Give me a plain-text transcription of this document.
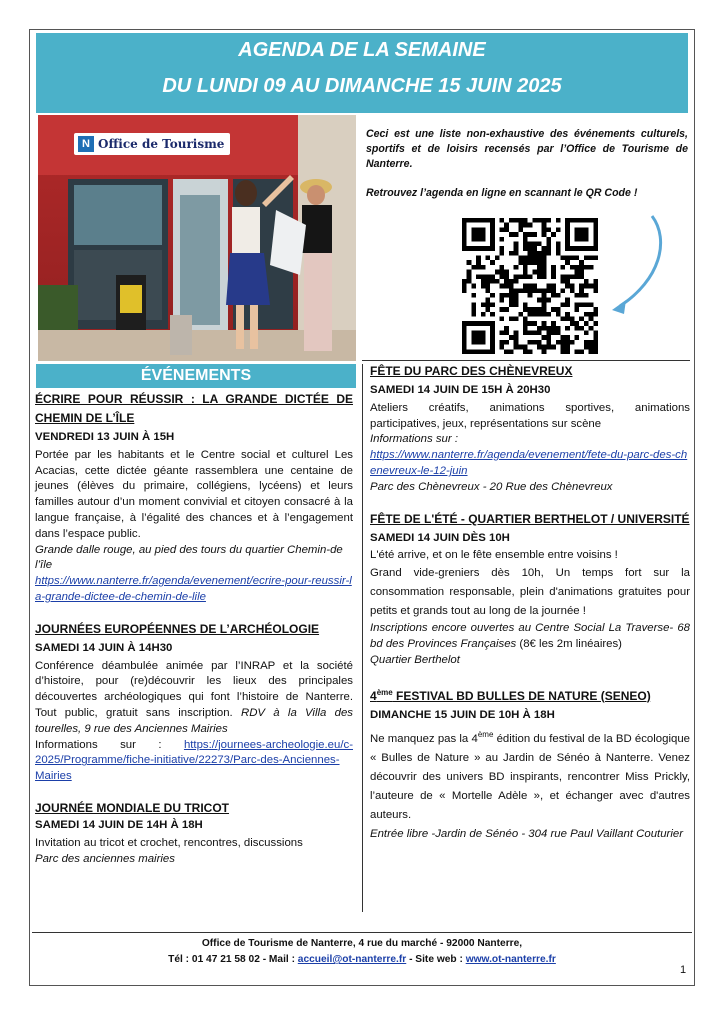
AGENDA DE LA SEMAINE
DU LUNDI 09 AU DIMANCHE 15 JUIN 2025
N Office de Tourisme

Ceci est une liste non-exhaustive des événements culturels, sportifs et de loisirs recensés par l’Office de Tourisme de Nanterre.

Retrouvez l’agenda en ligne en scannant le QR Code !

ÉVÉNEMENTS

ÉCRIRE POUR RÉUSSIR : LA GRANDE DICTÉE DE CHEMIN DE L’ÎLE

VENDREDI 13 JUIN À 15H

Portée par les habitants et le Centre social et culturel Les Acacias, cette dictée géante rassemblera une centaine de jeunes (élèves du primaire, collégiens, lycéens) et leurs familles autour d’un moment convivial et citoyen consacré à la langue française, à l’égalité des chances et à l’engagement dans l’espace public.

Grande dalle rouge, au pied des tours du quartier Chemin-de l’île

https://www.nanterre.fr/agenda/evenement/ecrire-pour-reussir-la-grande-dictee-de-chemin-de-lile

JOURNÉES EUROPÉENNES DE L’ARCHÉOLOGIE

SAMEDI 14 JUIN À 14H30

Conférence déambulée animée par l’INRAP et la société d’histoire, pour (re)découvrir les lieux des principales découvertes archéologiques qui font l’histoire de Nanterre. Tout public, gratuit sans inscription. RDV à la Villa des tourelles, 9 rue des Anciennes Mairies

Informations sur : https://journees-archeologie.eu/c-2025/Programme/fiche-initiative/22273/Parc-des-Anciennes-Mairies

JOURNÉE MONDIALE DU TRICOT

SAMEDI 14 JUIN DE 14H À 18H

Invitation au tricot et crochet, rencontres, discussions

Parc des anciennes mairies

FÊTE DU PARC DES CHÈNEVREUX

SAMEDI 14 JUIN DE 15H À 20H30

Ateliers créatifs, animations sportives, animations participatives, jeux, représentations sur scène

Informations sur :

https://www.nanterre.fr/agenda/evenement/fete-du-parc-des-chenevreux-le-12-juin

Parc des Chènevreux - 20 Rue des Chènevreux

FÊTE DE L'ÉTÉ - QUARTIER BERTHELOT / UNIVERSITÉ

SAMEDI 14 JUIN DÈS 10H

L'été arrive, et on le fête ensemble entre voisins !

Grand vide-greniers dès 10h, Un temps fort sur la consommation responsable, plein d'animations gratuites pour petits et grands tout au long de la journée !

Inscriptions encore ouvertes au Centre Social La Traverse- 68 bd des Provinces Françaises (8€ les 2m linéaires)

Quartier Berthelot

4ème FESTIVAL BD BULLES DE NATURE (SENEO)

DIMANCHE 15 JUIN DE 10H À 18H

Ne manquez pas la 4ème édition du festival de la BD écologique « Bulles de Nature » au Jardin de Sénéo à Nanterre. Venez découvrir des univers BD inspirants, rencontrer Miss Prickly, l’auteure de « Mortelle Adèle », et échanger avec d'autres auteurs.

Entrée libre -Jardin de Sénéo - 304 rue Paul Vaillant Couturier

Office de Tourisme de Nanterre, 4 rue du marché - 92000 Nanterre,
Tél : 01 47 21 58 02 - Mail : accueil@ot-nanterre.fr - Site web : www.ot-nanterre.fr
1
